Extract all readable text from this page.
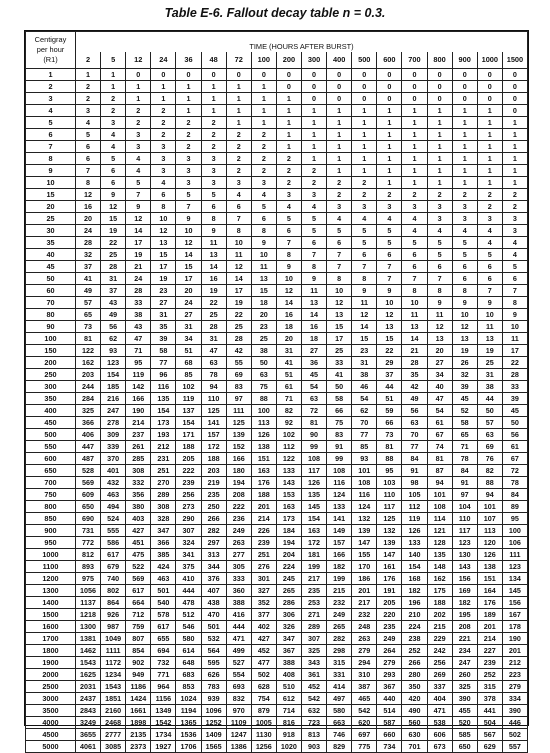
Table E-6. Fallout decay table n = 0.3.
Centigray
per hour
(R1)	TIME (HOURS AFTER BURST)																	
	2	5	12	24	36	48	72	100	200	300	400	500	600	700	800	900	1000	1500
1	1	1	0	0	0	0	0	0	0	0	0	0	0	0	0	0	0	0
2	2	1	1	1	1	1	1	1	0	0	0	0	0	0	0	0	0	0
3	2	2	1	1	1	1	1	1	1	0	0	0	0	0	0	0	0	0
4	3	2	2	2	1	1	1	1	1	1	1	1	1	1	1	1	1	0
5	4	3	2	2	2	2	1	1	1	1	1	1	1	1	1	1	1	1
6	5	4	3	2	2	2	2	2	1	1	1	1	1	1	1	1	1	1
7	6	4	3	3	2	2	2	2	1	1	1	1	1	1	1	1	1	1
8	6	5	4	3	3	3	2	2	2	1	1	1	1	1	1	1	1	1
9	7	6	4	3	3	3	2	2	2	2	1	1	1	1	1	1	1	1
10	8	6	5	4	3	3	3	3	2	2	2	2	1	1	1	1	1	1
15	12	9	7	6	5	5	4	4	3	3	2	2	2	2	2	2	2	2
20	16	12	9	8	7	6	6	5	4	4	3	3	3	3	3	3	2	2
25	20	15	12	10	9	8	7	6	5	5	4	4	4	4	3	3	3	3
30	24	19	14	12	10	9	8	8	6	5	5	5	5	4	4	4	4	3
35	28	22	17	13	12	11	10	9	7	6	6	5	5	5	5	5	4	4
40	32	25	19	15	14	13	11	10	8	7	7	6	6	6	5	5	5	4
45	37	28	21	17	15	14	12	11	9	8	7	7	7	6	6	6	6	5
50	41	31	24	19	17	16	14	13	10	9	8	8	7	7	7	6	6	6
60	49	37	28	23	20	19	17	15	12	11	10	9	9	8	8	8	7	7
70	57	43	33	27	24	22	19	18	14	13	12	11	10	10	9	9	9	8
80	65	49	38	31	27	25	22	20	16	14	13	12	12	11	11	10	10	9
90	73	56	43	35	31	28	25	23	18	16	15	14	13	13	12	12	11	10
100	81	62	47	39	34	31	28	25	20	18	17	15	15	14	13	13	13	11
150	122	93	71	58	51	47	42	38	31	27	25	23	22	21	20	19	19	17
200	162	123	95	77	68	63	55	50	41	36	33	31	29	28	27	26	25	22
250	203	154	119	96	85	78	69	63	51	45	41	38	37	35	34	32	31	28
300	244	185	142	116	102	94	83	75	61	54	50	46	44	42	40	39	38	33
350	284	216	166	135	119	110	97	88	71	63	58	54	51	49	47	45	44	39
400	325	247	190	154	137	125	111	100	82	72	66	62	59	56	54	52	50	45
450	366	278	214	173	154	141	125	113	92	81	75	70	66	63	61	58	57	50
500	406	309	237	193	171	157	139	126	102	90	83	77	73	70	67	65	63	56
550	447	339	261	212	188	172	152	138	112	99	91	85	81	77	74	71	69	61
600	487	370	285	231	205	188	166	151	122	108	99	93	88	84	81	78	76	67
650	528	401	308	251	222	203	180	163	133	117	108	101	95	91	87	84	82	72
700	569	432	332	270	239	219	194	176	143	126	116	108	103	98	94	91	88	78
750	609	463	356	289	256	235	208	188	153	135	124	116	110	105	101	97	94	84
800	650	494	380	308	273	250	222	201	163	145	133	124	117	112	108	104	101	89
850	690	524	403	328	290	266	236	214	173	154	141	132	125	119	114	110	107	95
900	731	555	427	347	307	282	249	226	184	163	149	139	132	126	121	117	113	100
950	772	586	451	366	324	297	263	239	194	172	157	147	139	133	128	123	120	106
1000	812	617	475	385	341	313	277	251	204	181	166	155	147	140	135	130	126	111
1100	893	679	522	424	375	344	305	276	224	199	182	170	161	154	148	143	138	123
1200	975	740	569	463	410	376	333	301	245	217	199	186	176	168	162	156	151	134
1300	1056	802	617	501	444	407	360	327	265	235	215	201	191	182	175	169	164	145
1400	1137	864	664	540	478	438	388	352	286	253	232	217	205	196	188	182	176	156
1500	1218	926	712	578	512	470	416	377	306	271	249	232	220	210	202	195	189	167
1600	1300	987	759	617	546	501	444	402	326	289	265	248	235	224	215	208	201	178
1700	1381	1049	807	655	580	532	471	427	347	307	282	263	249	238	229	221	214	190
1800	1462	1111	854	694	614	564	499	452	367	325	298	279	264	252	242	234	227	201
1900	1543	1172	902	732	648	595	527	477	388	343	315	294	279	266	256	247	239	212
2000	1625	1234	949	771	683	626	554	502	408	361	331	310	293	280	269	260	252	223
2500	2031	1543	1186	964	853	783	693	628	510	452	414	387	367	350	337	325	315	279
3000	2437	1851	1424	1156	1024	939	832	754	612	542	497	465	440	420	404	390	378	334
3500	2843	2160	1661	1349	1194	1096	970	879	714	632	580	542	514	490	471	455	441	390
4000	3249	2468	1898	1542	1365	1252	1109	1005	816	723	663	620	587	560	538	520	504	446
4500	3655	2777	2135	1734	1536	1409	1247	1130	918	813	746	697	660	630	606	585	567	502
5000	4061	3085	2373	1927	1706	1565	1386	1256	1020	903	829	775	734	701	673	650	629	557
